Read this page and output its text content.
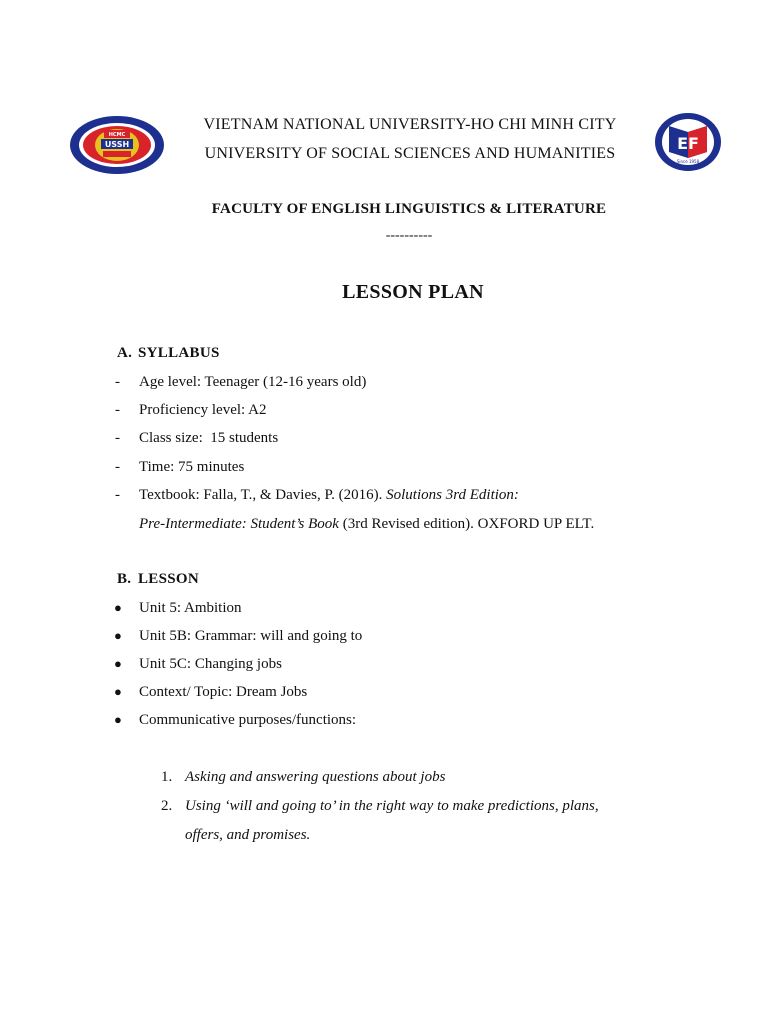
HCMC
USSH	EF
Since 1958
VIETNAM NATIONAL UNIVERSITY-HO CHI MINH CITY
UNIVERSITY OF SOCIAL SCIENCES AND HUMANITIES
FACULTY OF ENGLISH LINGUISTICS & LITERATURE
----------
LESSON PLAN
A. SYLLABUS
- Age level: Teenager (12-16 years old)
- Proficiency level: A2
- Class size:  15 students
- Time: 75 minutes
- Textbook: Falla, T., & Davies, P. (2016). Solutions 3rd Edition:
Pre-Intermediate: Student’s Book (3rd Revised edition). OXFORD UP ELT.
B. LESSON
● Unit 5: Ambition
● Unit 5B: Grammar: will and going to
● Unit 5C: Changing jobs
● Context/ Topic: Dream Jobs
● Communicative purposes/functions:
1. Asking and answering questions about jobs
2. Using ‘will and going to’ in the right way to make predictions, plans,
offers, and promises.
